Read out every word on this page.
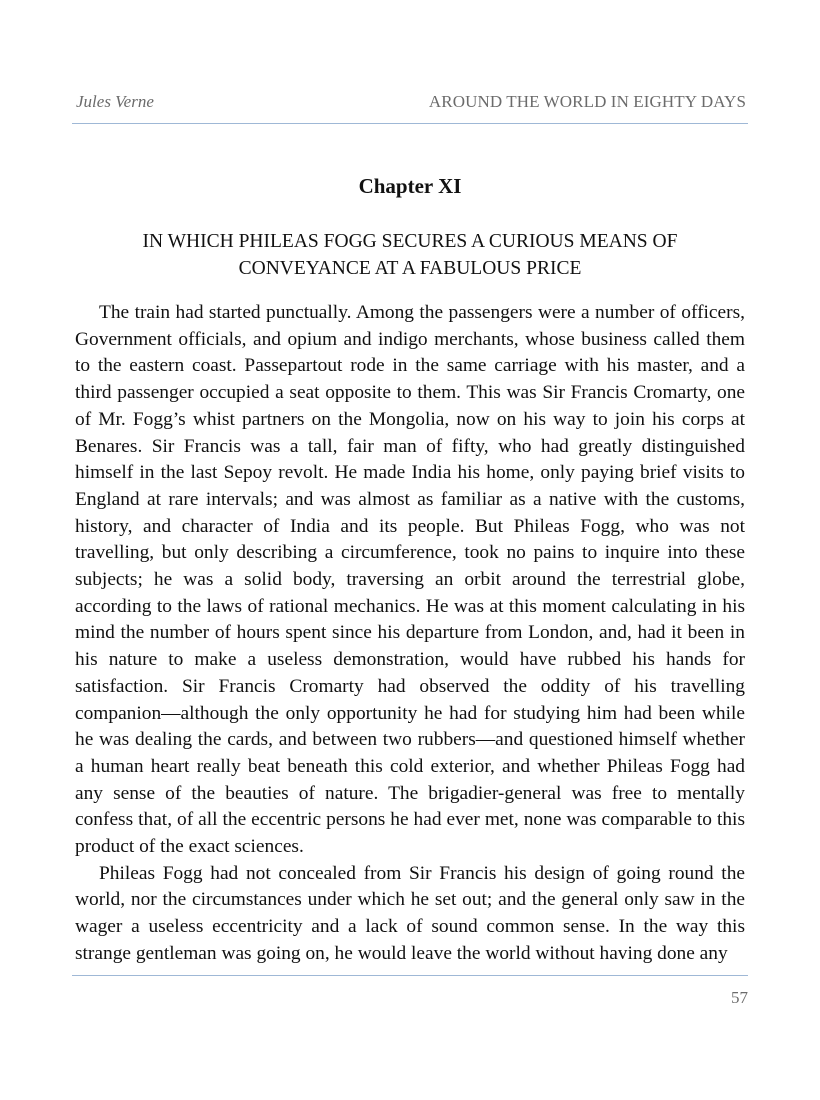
Jules Verne	AROUND THE WORLD IN EIGHTY DAYS
Chapter XI
IN WHICH PHILEAS FOGG SECURES A CURIOUS MEANS OF CONVEYANCE AT A FABULOUS PRICE

The train had started punctually. Among the passengers were a number of officers, Government officials, and opium and indigo merchants, whose business called them to the eastern coast. Passepartout rode in the same carriage with his master, and a third passenger occupied a seat opposite to them. This was Sir Francis Cromarty, one of Mr. Fogg’s whist partners on the Mongolia, now on his way to join his corps at Benares. Sir Francis was a tall, fair man of fifty, who had greatly distinguished himself in the last Sepoy revolt. He made India his home, only paying brief visits to England at rare intervals; and was almost as familiar as a native with the customs, history, and character of India and its people. But Phileas Fogg, who was not travelling, but only describing a circumference, took no pains to inquire into these subjects; he was a solid body, traversing an orbit around the terrestrial globe, according to the laws of rational mechanics. He was at this moment calculating in his mind the number of hours spent since his departure from London, and, had it been in his nature to make a useless demonstration, would have rubbed his hands for satisfaction. Sir Francis Cromarty had observed the oddity of his travelling companion—although the only opportunity he had for studying him had been while he was dealing the cards, and between two rubbers—and questioned himself whether a human heart really beat beneath this cold exterior, and whether Phileas Fogg had any sense of the beauties of nature. The brigadier-general was free to mentally confess that, of all the eccentric persons he had ever met, none was comparable to this product of the exact sciences.

Phileas Fogg had not concealed from Sir Francis his design of going round the world, nor the circumstances under which he set out; and the general only saw in the wager a useless eccentricity and a lack of sound common sense. In the way this strange gentleman was going on, he would leave the world without having done any

57
